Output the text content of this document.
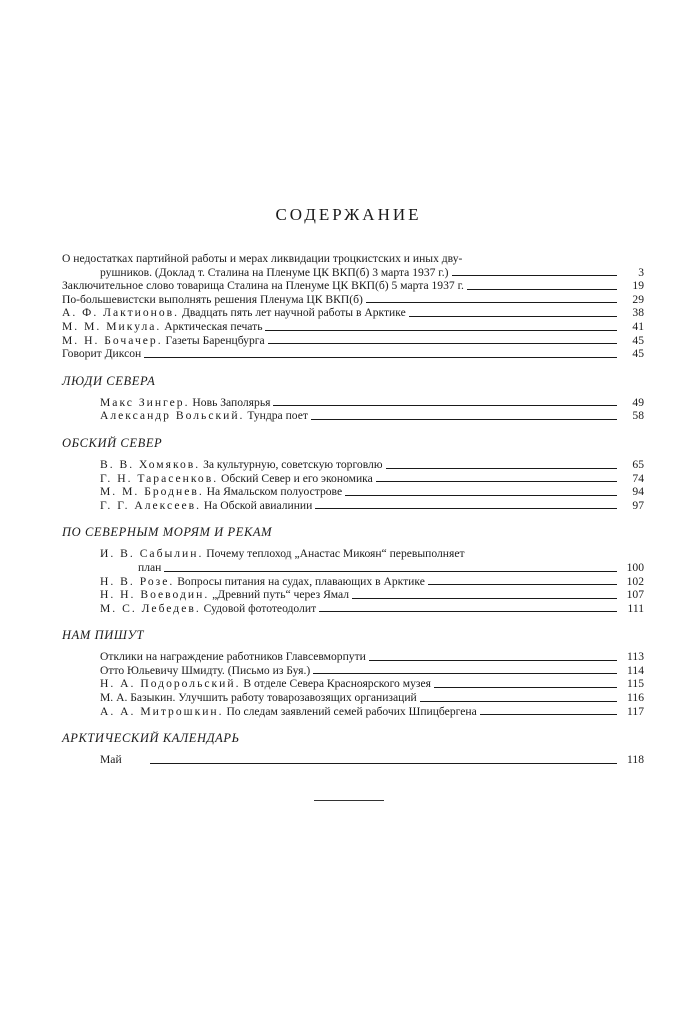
СОДЕРЖАНИЕ
О недостатках партийной работы и мерах ликвидации троцкистских и иных дву-
рушников. (Доклад т. Сталина на Пленуме ЦК ВКП(б) 3 марта 1937 г.)	3
Заключительное слово товарища Сталина на Пленуме ЦК ВКП(б) 5 марта 1937 г.	19
По-большевистски выполнять решения Пленума ЦК ВКП(б)	29
А. Ф. Лактионов. Двадцать пять лет научной работы в Арктике	38
М. М. Микула. Арктическая печать	41
М. Н. Бочачер. Газеты Баренцбурга	45
Говорит Диксон	45
ЛЮДИ СЕВЕРА
Макс Зингер. Новь Заполярья	49
Александр Вольский. Тундра поет	58
ОБСКИЙ СЕВЕР
В. В. Хомяков. За культурную, советскую торговлю	65
Г. Н. Тарасенков. Обский Север и его экономика	74
М. М. Броднев. На Ямальском полуострове	94
Г. Г. Алексеев. На Обской авиалинии	97
ПО СЕВЕРНЫМ МОРЯМ И РЕКАМ
И. В. Сабылин. Почему теплоход „Анастас Микоян“ перевыполняет
план	100
Н. В. Розе. Вопросы питания на судах, плавающих в Арктике	102
Н. Н. Воеводин. „Древний путь“ через Ямал	107
М. С. Лебедев. Судовой фототеодолит	111
НАМ ПИШУТ
Отклики на награждение работников Главсевморпути	113
Отто Юльевичу Шмидту. (Письмо из Буя.)	114
Н. А. Подорольский. В отделе Севера Красноярского музея	115
М. А. Базыкин. Улучшить работу товарозавозящих организаций	116
А. А. Митрошкин. По следам заявлений семей рабочих Шпицбергена	117
АРКТИЧЕСКИЙ КАЛЕНДАРЬ
Май	118
